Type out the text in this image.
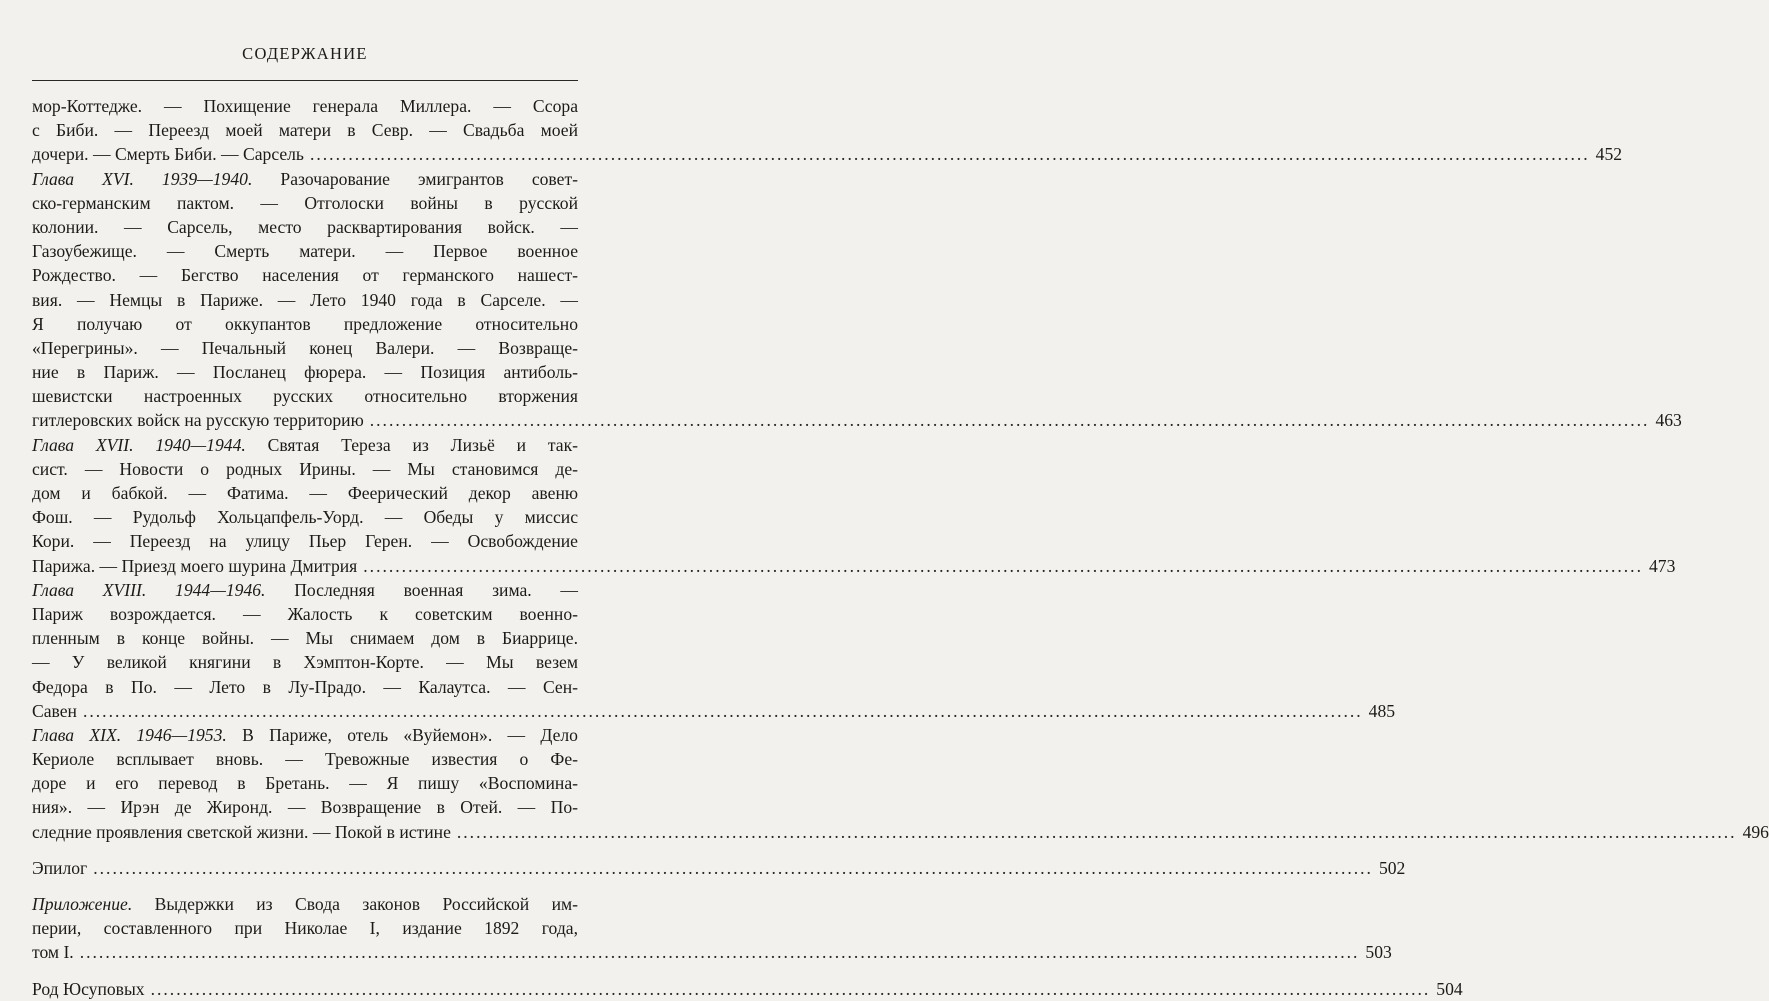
СОДЕРЖАНИЕ
мор-Коттедже. — Похищение генерала Миллера. — Ссора
с Биби. — Переезд моей матери в Севр. — Свадьба моей
дочери. — Смерть Биби. — Сарсель ........................................................................................................................................................................................................ 452
Глава XVI. 1939—1940. Разочарование эмигрантов совет-
ско-германским пактом. — Отголоски войны в русской
колонии. — Сарсель, место расквартирования войск. —
Газоубежище. — Смерть матери. — Первое военное
Рождество. — Бегство населения от германского нашест-
вия. — Немцы в Париже. — Лето 1940 года в Сарселе. —
Я получаю от оккупантов предложение относительно
«Перегрины». — Печальный конец Валери. — Возвраще-
ние в Париж. — Посланец фюрера. — Позиция антиболь-
шевистски настроенных русских относительно вторжения
гитлеровских войск на русскую территорию ........................................................................................................................................................................................................ 463
Глава XVII. 1940—1944. Святая Тереза из Лизьё и так-
сист. — Новости о родных Ирины. — Мы становимся де-
дом и бабкой. — Фатима. — Феерический декор авеню
Фош. — Рудольф Хольцапфель-Уорд. — Обеды у миссис
Кори. — Переезд на улицу Пьер Герен. — Освобождение
Парижа. — Приезд моего шурина Дмитрия ........................................................................................................................................................................................................ 473
Глава XVIII. 1944—1946. Последняя военная зима. —
Париж возрождается. — Жалость к советским военно-
пленным в конце войны. — Мы снимаем дом в Биаррице.
— У великой княгини в Хэмптон-Корте. — Мы везем
Федора в По. — Лето в Лу-Прадо. — Калаутса. — Сен-
Савен ........................................................................................................................................................................................................ 485
Глава XIX. 1946—1953. В Париже, отель «Вуйемон». — Дело
Кериоле всплывает вновь. — Тревожные известия о Фе-
доре и его перевод в Бретань. — Я пишу «Воспомина-
ния». — Ирэн де Жиронд. — Возвращение в Отей. — По-
следние проявления светской жизни. — Покой в истине ........................................................................................................................................................................................................ 496
Эпилог ........................................................................................................................................................................................................ 502
Приложение. Выдержки из Свода законов Российской им-
перии, составленного при Николае I, издание 1892 года,
том I. ........................................................................................................................................................................................................ 503
Род Юсуповых ........................................................................................................................................................................................................ 504
